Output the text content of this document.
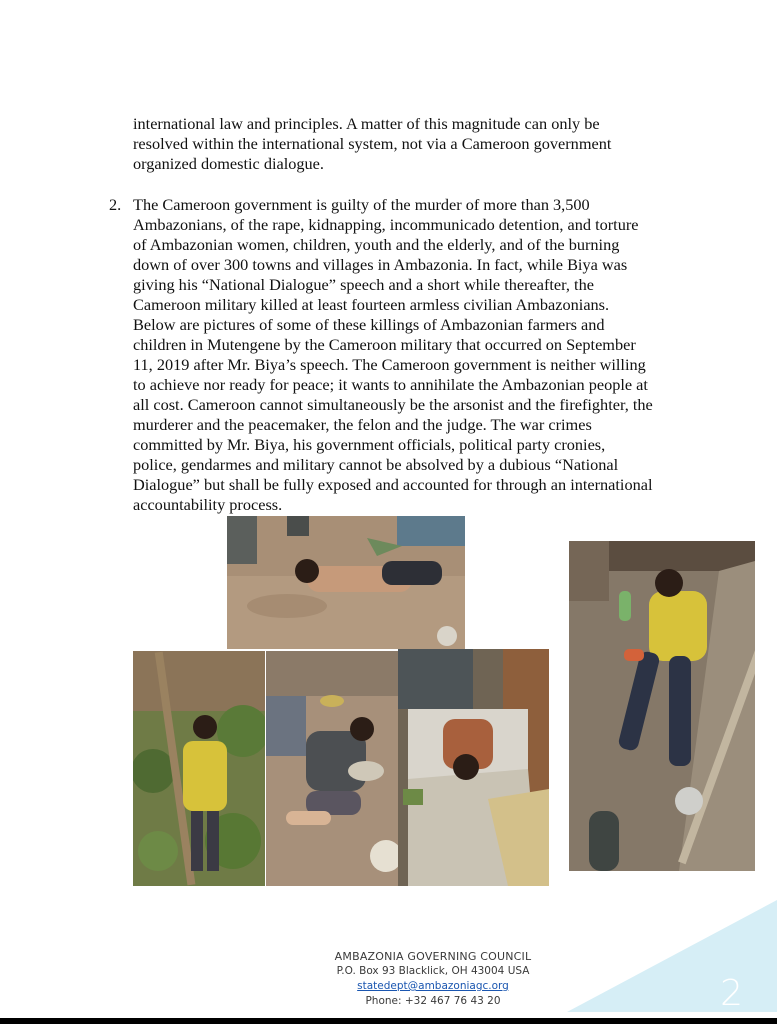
international law and principles. A matter of this magnitude can only be
resolved within the international system, not via a Cameroon government
organized domestic dialogue.
2. The Cameroon government is guilty of the murder of more than 3,500
Ambazonians, of the rape, kidnapping, incommunicado detention, and torture
of Ambazonian women, children, youth and the elderly, and of the burning
down of over 300 towns and villages in Ambazonia. In fact, while Biya was
giving his “National Dialogue” speech and a short while thereafter, the
Cameroon military killed at least fourteen armless civilian Ambazonians.
Below are pictures of some of these killings of Ambazonian farmers and
children in Mutengene by the Cameroon military that occurred on September
11, 2019 after Mr. Biya’s speech. The Cameroon government is neither willing
to achieve nor ready for peace; it wants to annihilate the Ambazonian people at
all cost. Cameroon cannot simultaneously be the arsonist and the firefighter, the
murderer and the peacemaker, the felon and the judge. The war crimes
committed by Mr. Biya, his government officials, political party cronies,
police, gendarmes and military cannot be absolved by a dubious “National
Dialogue” but shall be fully exposed and accounted for through an international
accountability process.
AMBAZONIA GOVERNING COUNCIL
P.O. Box 93 Blacklick, OH 43004 USA
statedept@ambazoniagc.org
Phone: +32 467 76 43 20	2
